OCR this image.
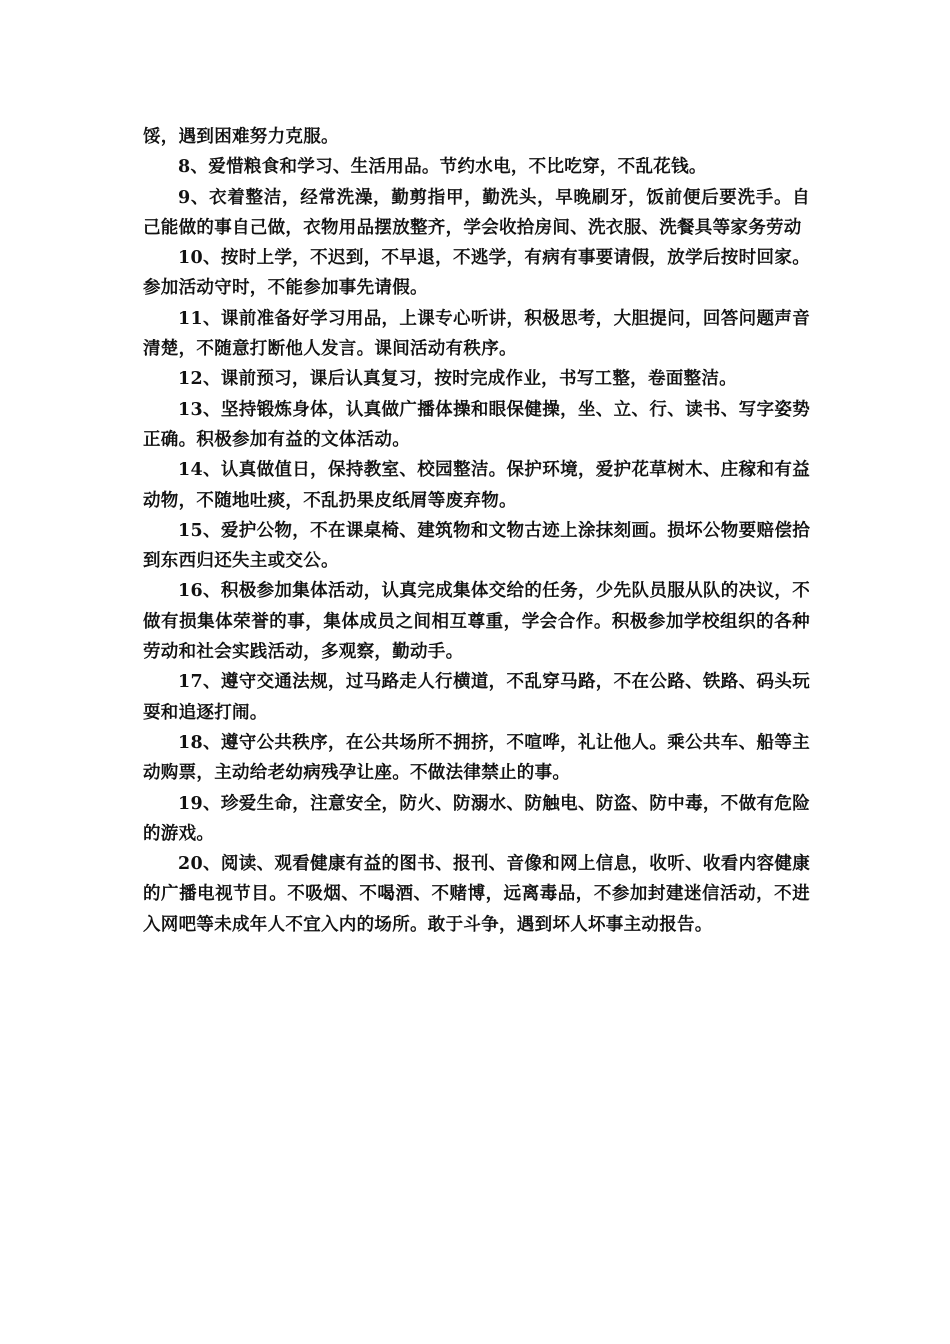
馁，遇到困难努力克服。

8、爱惜粮食和学习、生活用品。节约水电，不比吃穿，不乱花钱。

9、衣着整洁，经常洗澡，勤剪指甲，勤洗头，早晚刷牙，饭前便后要洗手。自己能做的事自己做，衣物用品摆放整齐，学会收拾房间、洗衣服、洗餐具等家务劳动

10、按时上学，不迟到，不早退，不逃学，有病有事要请假，放学后按时回家。参加活动守时，不能参加事先请假。

11、课前准备好学习用品，上课专心听讲，积极思考，大胆提问，回答问题声音清楚，不随意打断他人发言。课间活动有秩序。

12、课前预习，课后认真复习，按时完成作业，书写工整，卷面整洁。

13、坚持锻炼身体，认真做广播体操和眼保健操，坐、立、行、读书、写字姿势正确。积极参加有益的文体活动。

14、认真做值日，保持教室、校园整洁。保护环境，爱护花草树木、庄稼和有益动物，不随地吐痰，不乱扔果皮纸屑等废弃物。

15、爱护公物，不在课桌椅、建筑物和文物古迹上涂抹刻画。损坏公物要赔偿拾到东西归还失主或交公。

16、积极参加集体活动，认真完成集体交给的任务，少先队员服从队的决议，不做有损集体荣誉的事，集体成员之间相互尊重，学会合作。积极参加学校组织的各种劳动和社会实践活动，多观察，勤动手。

17、遵守交通法规，过马路走人行横道，不乱穿马路，不在公路、铁路、码头玩耍和追逐打闹。

18、遵守公共秩序，在公共场所不拥挤，不喧哗，礼让他人。乘公共车、船等主动购票，主动给老幼病残孕让座。不做法律禁止的事。

19、珍爱生命，注意安全，防火、防溺水、防触电、防盗、防中毒，不做有危险的游戏。

20、阅读、观看健康有益的图书、报刊、音像和网上信息，收听、收看内容健康的广播电视节目。不吸烟、不喝酒、不赌博，远离毒品，不参加封建迷信活动，不进入网吧等未成年人不宜入内的场所。敢于斗争，遇到坏人坏事主动报告。
